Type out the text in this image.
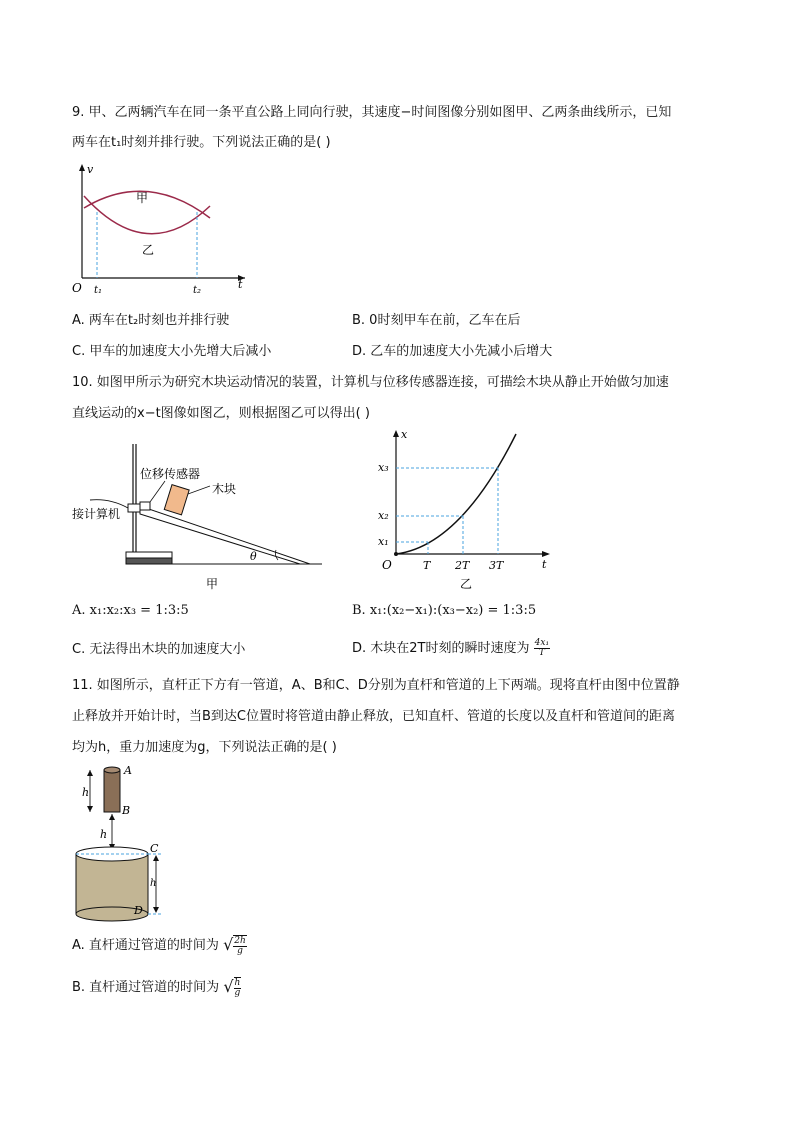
9. 甲、乙两辆汽车在同一条平直公路上同向行驶，其速度−时间图像分别如图甲、乙两条曲线所示，已知
两车在t₁时刻并排行驶。下列说法正确的是( )
v
t
O t₁	t₂
甲
乙
A. 两车在t₂时刻也并排行驶	B. 0时刻甲车在前，乙车在后
C. 甲车的加速度大小先增大后减小	D. 乙车的加速度大小先减小后增大
10. 如图甲所示为研究木块运动情况的装置，计算机与位移传感器连接，可描绘木块从静止开始做匀加速
直线运动的x−t图像如图乙，则根据图乙可以得出( )
位移传感器
木块
接计算机
θ
甲
x
t
O
x₁
x₂
x₃
T 2T 3T
乙
A. x₁:x₂:x₃ = 1:3:5	B. x₁:(x₂−x₁):(x₃−x₂) = 1:3:5
C. 无法得出木块的加速度大小	D. 木块在2T时刻的瞬时速度为 $\frac{\text{4x₁}}{T}$
11. 如图所示，直杆正下方有一管道，A、B和C、D分别为直杆和管道的上下两端。现将直杆由图中位置静
止释放并开始计时，当B到达C位置时将管道由静止释放，已知直杆、管道的长度以及直杆和管道间的距离
均为h，重力加速度为g，下列说法正确的是( )
A
B
C
D
h
h
h
A. 直杆通过管道的时间为 √ $\frac{2h}{g}$
B. 直杆通过管道的时间为 √ $\frac{h}{g}$
